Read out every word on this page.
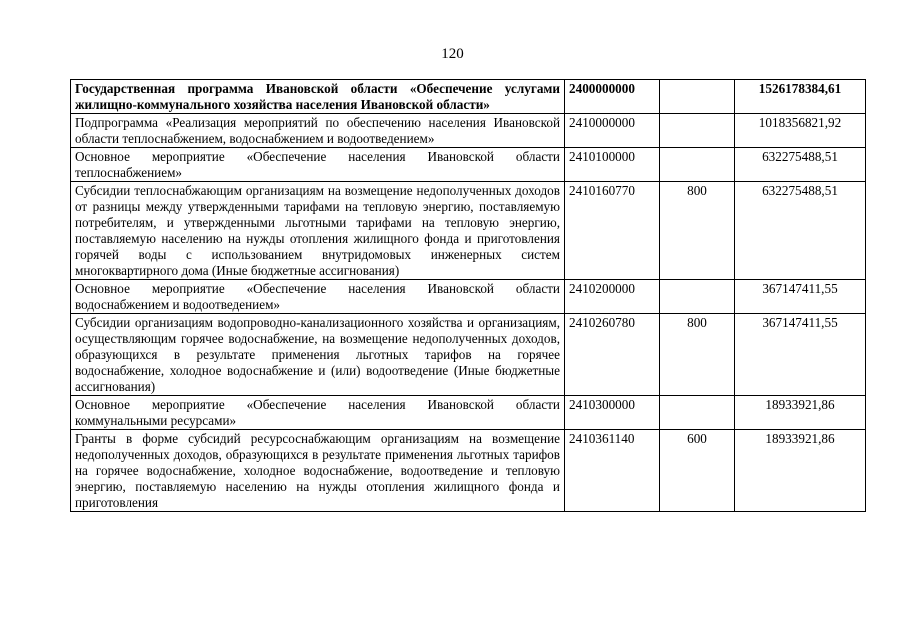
120
Государственная программа Ивановской области «Обеспечение услугами жилищно-коммунального хозяйства населения Ивановской области»	2400000000		1526178384,61
Подпрограмма «Реализация мероприятий по обеспечению населения Ивановской области теплоснабжением, водоснабжением и водоотведением»	2410000000		1018356821,92
Основное мероприятие «Обеспечение населения Ивановской области теплоснабжением»	2410100000		632275488,51
Субсидии теплоснабжающим организациям на возмещение недополученных доходов от разницы между утвержденными тарифами на тепловую энергию, поставляемую потребителям, и утвержденными льготными тарифами на тепловую энергию, поставляемую населению на нужды отопления жилищного фонда и приготовления горячей воды с использованием внутридомовых инженерных систем многоквартирного дома (Иные бюджетные ассигнования)	2410160770	800	632275488,51
Основное мероприятие «Обеспечение населения Ивановской области водоснабжением и водоотведением»	2410200000		367147411,55
Субсидии организациям водопроводно-канализационного хозяйства и организациям, осуществляющим горячее водоснабжение, на возмещение недополученных доходов, образующихся в результате применения льготных тарифов на горячее водоснабжение, холодное водоснабжение и (или) водоотведение (Иные бюджетные ассигнования)	2410260780	800	367147411,55
Основное мероприятие «Обеспечение населения Ивановской области коммунальными ресурсами»	2410300000		18933921,86
Гранты в форме субсидий ресурсоснабжающим организациям на возмещение недополученных доходов, образующихся в результате применения льготных тарифов на горячее водоснабжение, холодное водоснабжение, водоотведение и тепловую энергию, поставляемую населению на нужды отопления жилищного фонда и приготовления	2410361140	600	18933921,86
